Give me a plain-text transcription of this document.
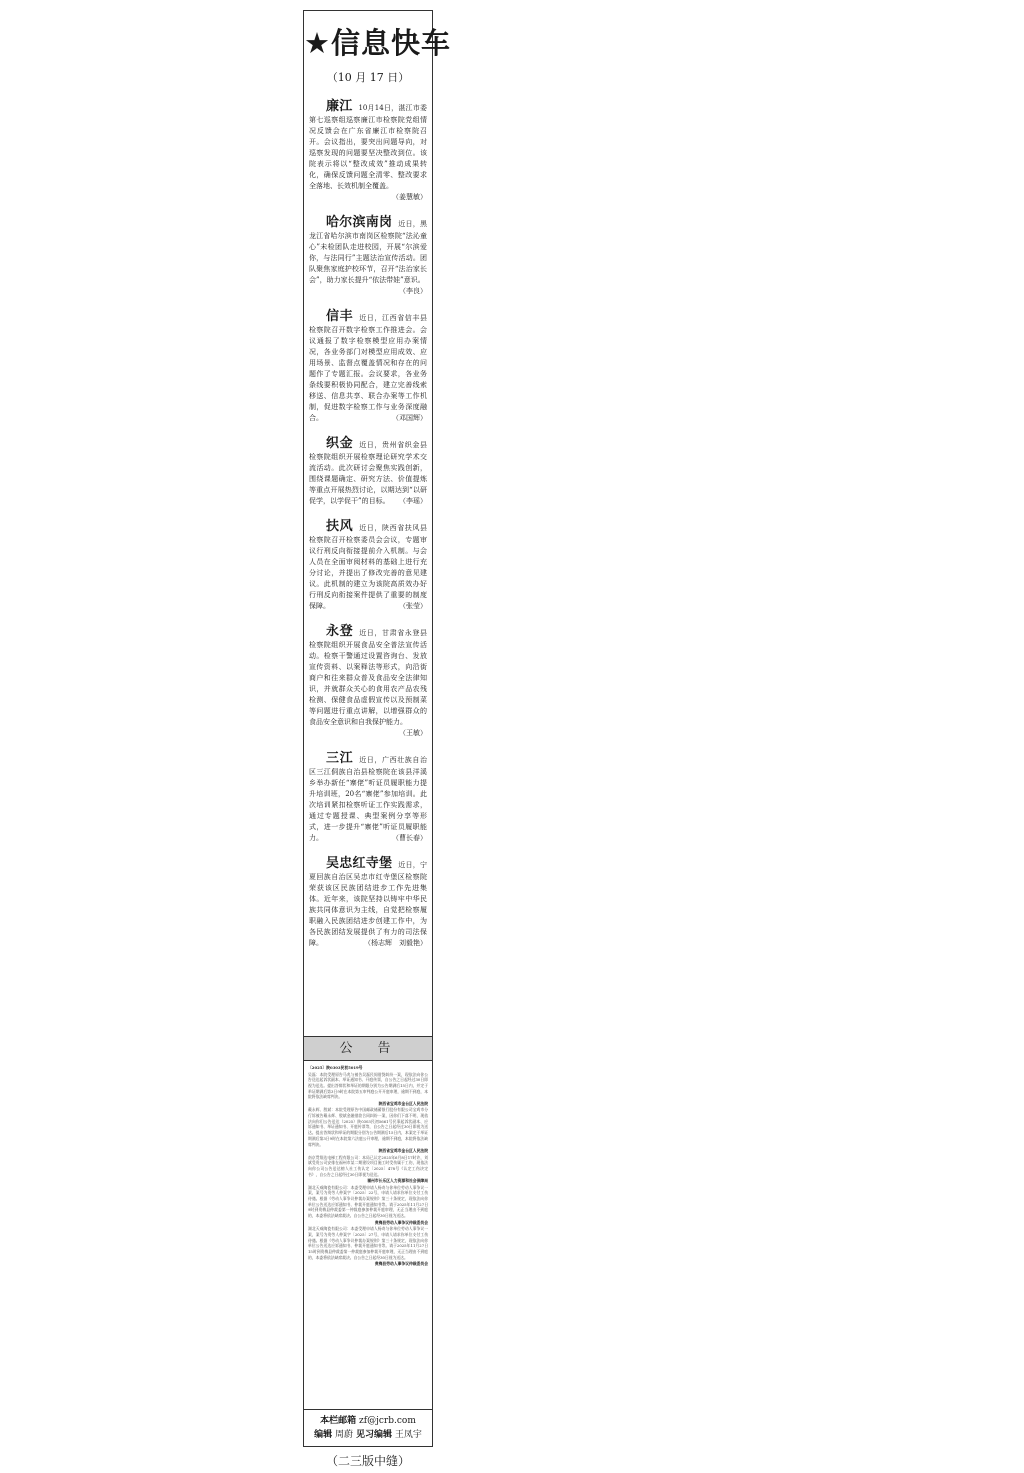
★信息快车
（10 月 17 日）
廉江 10月14日，湛江市委第七巡察组巡察廉江市检察院党组情况反馈会在广东省廉江市检察院召开。会议指出，要突出问题导向，对巡察发现的问题要坚决整改到位。该院表示将以“整改成效”推动成果转化，确保反馈问题全清零、整改要求全落地、长效机制全覆盖。
（姜慧敏）
哈尔滨南岗 近日，黑龙江省哈尔滨市南岗区检察院“法沁童心”未检团队走进校园，开展“尔滨爱你，与法同行”主题法治宣传活动。团队聚焦家庭护校环节，召开“法治家长会”，助力家长提升“依法带娃”意识。
（李良）
信丰 近日，江西省信丰县检察院召开数字检察工作推进会。会议通报了数字检察模型应用办案情况，各业务部门对模型应用成效、应用场景、监督点覆盖情况和存在的问题作了专题汇报。会议要求，各业务条线要积极协同配合，建立完善线索移送、信息共享、联合办案等工作机制，促进数字检察工作与业务深度融合。	（邓国辉）
织金 近日，贵州省织金县检察院组织开展检察理论研究学术交流活动。此次研讨会聚焦实践创新，围绕课题确定、研究方法、价值提炼等重点开展热烈讨论，以期达到“以研促学，以学促干”的目标。 （李瑶）
扶风 近日，陕西省扶风县检察院召开检察委员会会议，专题审议行刑反向衔接提前介入机制。与会人员在全面审阅材料的基础上进行充分讨论，并提出了修改完善的意见建议。此机制的建立为该院高质效办好行刑反向衔接案件提供了重要的制度保障。	（张莹）
永登 近日，甘肃省永登县检察院组织开展食品安全普法宣传活动。检察干警通过设置咨询台、发放宣传资料、以案释法等形式，向沿街商户和往来群众普及食品安全法律知识，并就群众关心的食用农产品农残检测、保健食品虚假宣传以及预制菜等问题进行重点讲解，以增强群众的食品安全意识和自我保护能力。
（王敏）
三江 近日，广西壮族自治区三江侗族自治县检察院在该县洋溪乡举办新任“寨佬”听证员履职能力提升培训班，20名“寨佬”参加培训。此次培训紧扣检察听证工作实践需求，通过专题授课、典型案例分享等形式，进一步提升“寨佬”听证员履职能力。	（曹长春）
吴忠红寺堡 近日，宁夏回族自治区吴忠市红寺堡区检察院荣获该区民族团结进步工作先进集体。近年来，该院坚持以铸牢中华民族共同体意识为主线，自觉把检察履职融入民族团结进步创建工作中，为各民族团结发展提供了有力的司法保障。	（杨志辉　刘毅艳）
公　告

〔2025〕陕0303民初5019号

吴磊：本院受理原告马兆与被告吴磊民间借贷纠纷一案，现依法向你公告送达起诉状副本、举证通知书、开庭传票，自公告之日起经过30日即视为送达。提出答辩状和举证的期限分别为公告期满后15日内，并定于举证期满后第3日9时在本院第五审判庭公开开庭审理，逾期不到庭，本院将依法缺席判决。

陕西省宝鸡市金台区人民法院

戴永辉、殷斌：本院受理原告中国邮政储蓄银行股份有限公司宝鸡市分行诉被告戴永辉、殷斌金融借款合同纠纷一案，因你们下落不明，现依法向你们公告送达（2025）陕0303民初5661号民事起诉状副本、应诉通知书、举证通知书、开庭传票等，自公告之日起经过30日即视为送达。提出答辩状和举证的期限分别为公告期满后15日内，本案定于举证期满后第3日9时在本院第六法庭公开审理，逾期不到庭，本院将依法缺席判决。

陕西省宝鸡市金台区人民法院

南京贯翔达电梯工程有限公司：本局已认定2025年6月8日17时许，刘斌受贵公司安排在福州市某二期建设项目施工时受伤属于工伤，现依法向你公司公告送达榕人社工伤认定〔2025〕478号《认定工伤决定书》，自公告之日起经过30日即视为送达。

福州市长乐区人力资源和社会保障局

湖北天威陶瓷有限公司：本委受理申请人杨奇与你单位劳动人事争议一案，案号为贵劳人仲案字〔2025〕22号，申请人请求你单位支付工伤待遇。根据《劳动人事争议仲裁办案规则》第三十条规定，现依法向你单位公告送达应诉通知书、仲裁开庭通知书等。请于2025年11月27日9时到贵梅县仲裁委第一仲裁庭参加仲裁开庭审理，无正当理由不到庭的，本委将依法缺席裁决。自公告之日起经30日视为送达。

贵梅县劳动人事争议仲裁委员会

湖北天威陶瓷有限公司：本委受理申请人杨奇与你单位劳动人事争议一案，案号为贵劳人仲案字〔2025〕27号，申请人请求你单位支付工伤待遇。根据《劳动人事争议仲裁办案规则》第三十条规定，现依法向你单位公告送达应诉通知书、仲裁开庭通知书等。请于2025年11月27日15时到贵梅县仲裁委第一仲裁庭参加仲裁开庭审理，无正当理由不到庭的，本委将依法缺席裁决。自公告之日起经30日视为送达。

贵梅县劳动人事争议仲裁委员会

本栏邮箱 zf@jcrb.com
编辑 周蔚 见习编辑 王凤宇
（二三版中缝）
